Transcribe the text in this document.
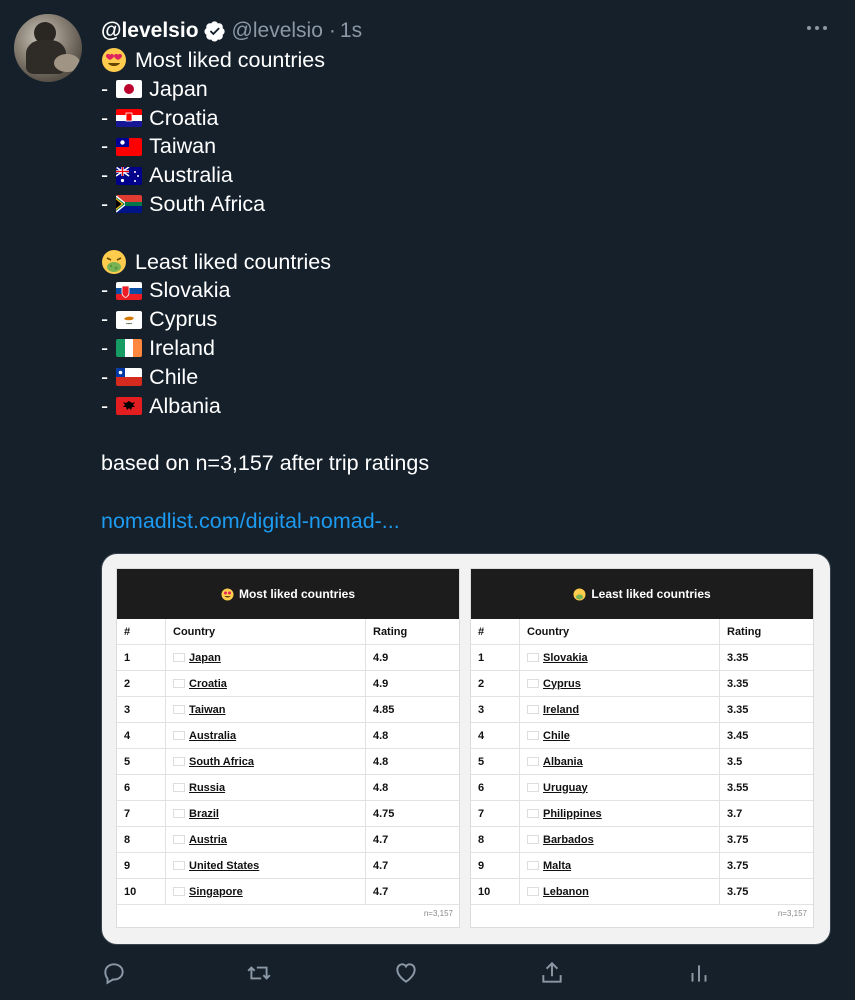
@levelsio @levelsio · 1s
Most liked countries
- Japan
- Croatia
- Taiwan
- Australia
- South Africa
Least liked countries
- Slovakia
- Cyprus
- Ireland
- Chile
- Albania
based on n=3,157 after trip ratings
nomadlist.com/digital-nomad-...
Most liked countries
#	Country	Rating
1	Japan	4.9
2	Croatia	4.9
3	Taiwan	4.85
4	Australia	4.8
5	South Africa	4.8
6	Russia	4.8
7	Brazil	4.75
8	Austria	4.7
9	United States	4.7
10	Singapore	4.7
n=3,157
Least liked countries
#	Country	Rating
1	Slovakia	3.35
2	Cyprus	3.35
3	Ireland	3.35
4	Chile	3.45
5	Albania	3.5
6	Uruguay	3.55
7	Philippines	3.7
8	Barbados	3.75
9	Malta	3.75
10	Lebanon	3.75
n=3,157
